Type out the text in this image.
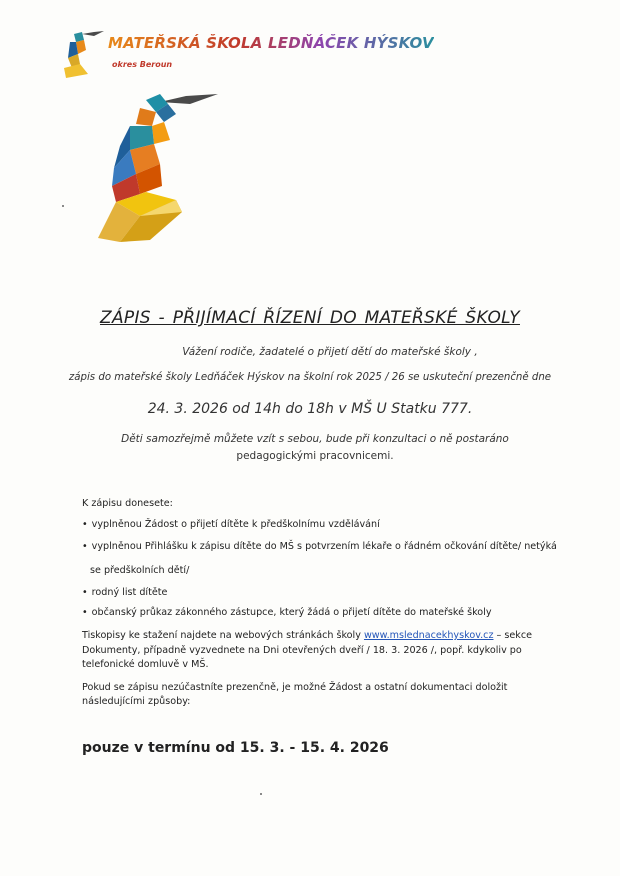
MATEŘSKÁ ŠKOLA LEDŇÁČEK HÝSKOV
okres Beroun
ZÁPIS - PŘIJÍMACÍ ŘÍZENÍ DO MATEŘSKÉ ŠKOLY
Vážení rodiče, žadatelé o přijetí dětí do mateřské školy ,
zápis do mateřské školy Ledňáček Hýskov na školní rok 2025 / 26 se uskuteční prezenčně dne
24. 3. 2026 od 14h do 18h v MŠ U Statku 777.
Děti samozřejmě můžete vzít s sebou, bude při konzultaci o ně postaráno
pedagogickými pracovnicemi.
K zápisu donesete:
• vyplněnou Žádost o přijetí dítěte k předškolnímu vzdělávání
• vyplněnou Přihlášku k zápisu dítěte do MŠ s potvrzením lékaře o řádném očkování dítěte/ netýká
se předškolních dětí/
• rodný list dítěte
• občanský průkaz zákonného zástupce, který žádá o přijetí dítěte do mateřské školy
Tiskopisy ke stažení najdete na webových stránkách školy www.mslednacekhyskov.cz – sekce
Dokumenty, případně vyzvednete na Dni otevřených dveří / 18. 3. 2026 /, popř. kdykoliv po
telefonické domluvě v MŠ.
Pokud se zápisu nezúčastníte prezenčně, je možné Žádost a ostatní dokumentaci doložit
následujícími způsoby:
pouze v termínu od 15. 3. - 15. 4. 2026
